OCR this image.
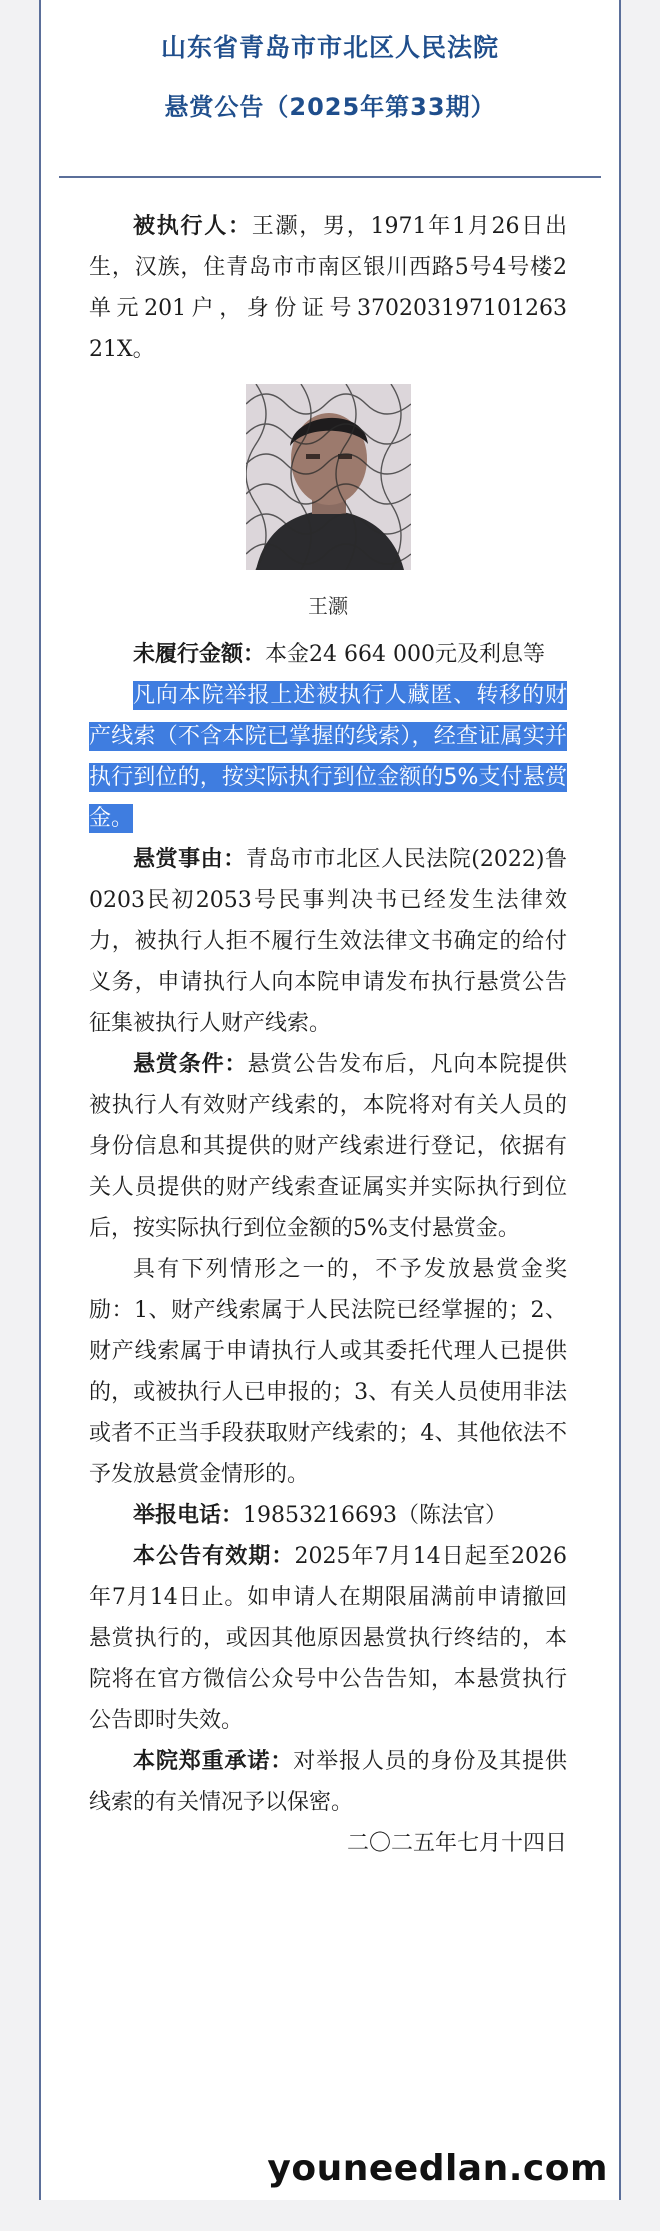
山东省青岛市市北区人民法院
悬赏公告（2025年第33期）

被执行人：王灏，男，1971年1月26日出生，汉族，住青岛市市南区银川西路5号4号楼2单元201户，身份证号370203197101263 21X。

王灏

未履行金额：本金24 664 000元及利息等

凡向本院举报上述被执行人藏匿、转移的财产线索（不含本院已掌握的线索），经查证属实并执行到位的，按实际执行到位金额的5%支付悬赏金。

悬赏事由：青岛市市北区人民法院(2022)鲁0203民初2053号民事判决书已经发生法律效力，被执行人拒不履行生效法律文书确定的给付义务，申请执行人向本院申请发布执行悬赏公告征集被执行人财产线索。

悬赏条件：悬赏公告发布后，凡向本院提供被执行人有效财产线索的，本院将对有关人员的身份信息和其提供的财产线索进行登记，依据有关人员提供的财产线索查证属实并实际执行到位后，按实际执行到位金额的5%支付悬赏金。

具有下列情形之一的，不予发放悬赏金奖励：1、财产线索属于人民法院已经掌握的；2、财产线索属于申请执行人或其委托代理人已提供的，或被执行人已申报的；3、有关人员使用非法或者不正当手段获取财产线索的；4、其他依法不予发放悬赏金情形的。

举报电话：19853216693（陈法官）

本公告有效期：2025年7月14日起至2026年7月14日止。如申请人在期限届满前申请撤回悬赏执行的，或因其他原因悬赏执行终结的，本院将在官方微信公众号中公告告知，本悬赏执行公告即时失效。

本院郑重承诺：对举报人员的身份及其提供线索的有关情况予以保密。

二〇二五年七月十四日

youneedlan.com
